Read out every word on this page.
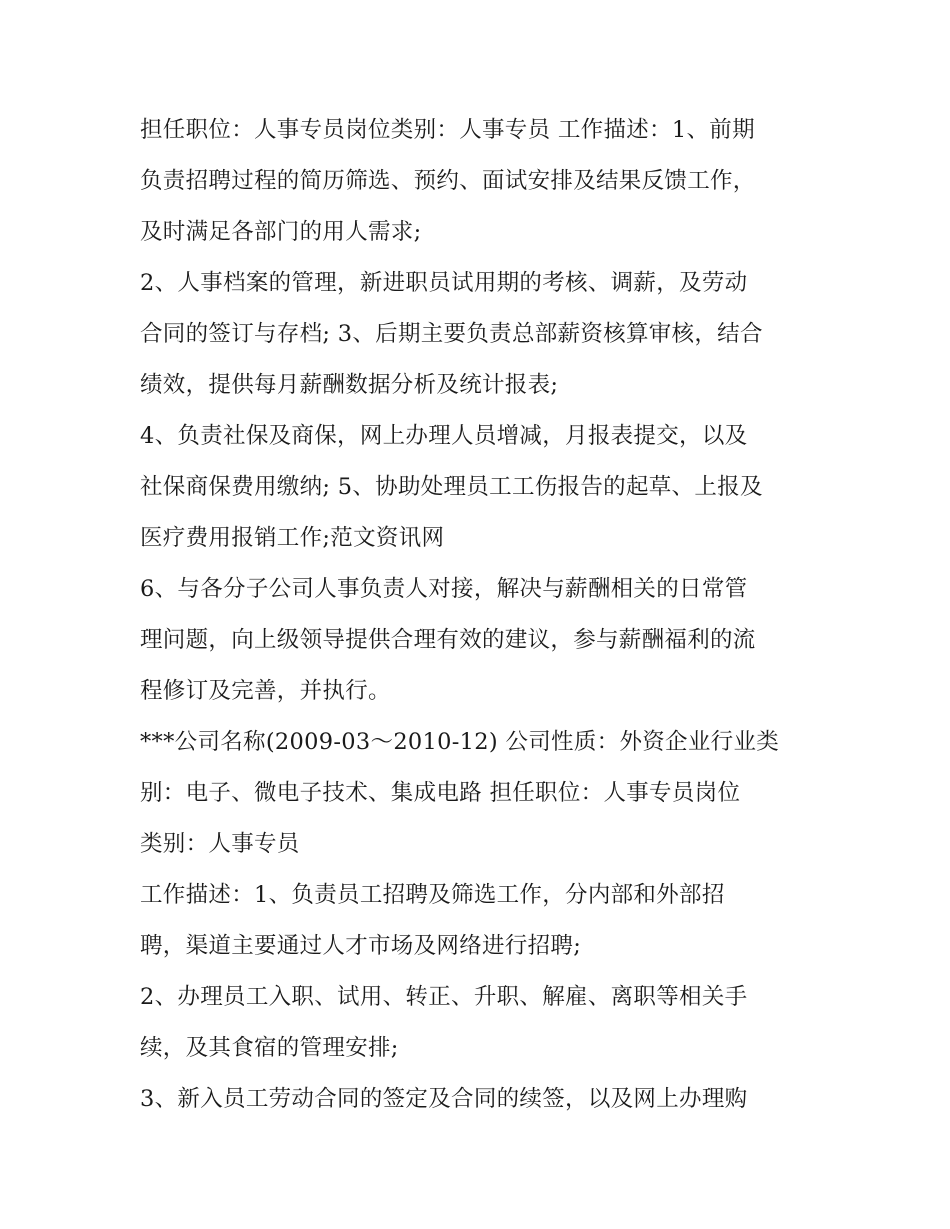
担任职位：人事专员岗位类别：人事专员 工作描述：1、前期
负责招聘过程的简历筛选、预约、面试安排及结果反馈工作，
及时满足各部门的用人需求;
2、人事档案的管理，新进职员试用期的考核、调薪，及劳动
合同的签订与存档; 3、后期主要负责总部薪资核算审核，结合
绩效，提供每月薪酬数据分析及统计报表;
4、负责社保及商保，网上办理人员增减，月报表提交，以及
社保商保费用缴纳; 5、协助处理员工工伤报告的起草、上报及
医疗费用报销工作;范文资讯网
6、与各分子公司人事负责人对接，解决与薪酬相关的日常管
理问题，向上级领导提供合理有效的建议，参与薪酬福利的流
程修订及完善，并执行。
***公司名称(2009-03～2010-12) 公司性质：外资企业行业类
别：电子、微电子技术、集成电路 担任职位：人事专员岗位
类别：人事专员
工作描述：1、负责员工招聘及筛选工作，分内部和外部招
聘，渠道主要通过人才市场及网络进行招聘;
2、办理员工入职、试用、转正、升职、解雇、离职等相关手
续，及其食宿的管理安排;
3、新入员工劳动合同的签定及合同的续签，以及网上办理购
